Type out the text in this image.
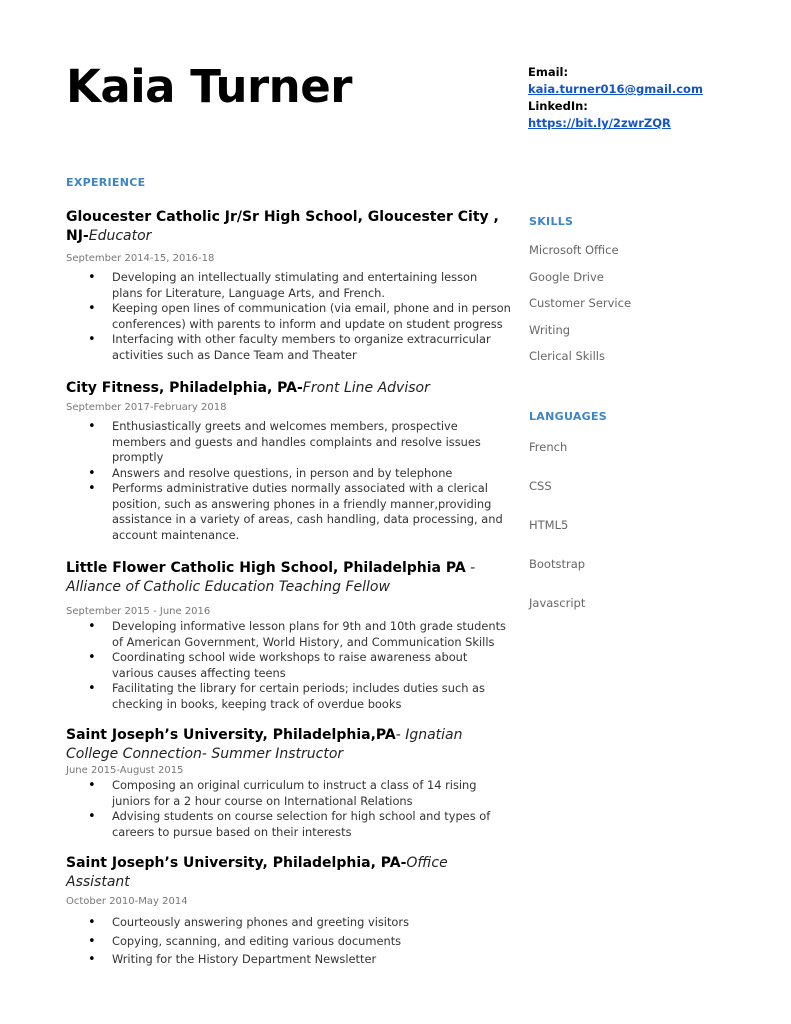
Kaia Turner	Email:
kaia.turner016@gmail.com
LinkedIn:
https://bit.ly/2zwrZQR
EXPERIENCE

Gloucester Catholic Jr/Sr High School, Gloucester City , NJ-Educator

September 2014-15, 2016-18
• Developing an intellectually stimulating and entertaining lesson plans for Literature, Language Arts, and French.
• Keeping open lines of communication (via email, phone and in person conferences) with parents to inform and update on student progress
• Interfacing with other faculty members to organize extracurricular activities such as Dance Team and Theater

City Fitness, Philadelphia, PA-Front Line Advisor

September 2017-February 2018
• Enthusiastically greets and welcomes members, prospective members and guests and handles complaints and resolve issues promptly
• Answers and resolve questions, in person and by telephone
• Performs administrative duties normally associated with a clerical position, such as answering phones in a friendly manner,providing assistance in a variety of areas, cash handling, data processing, and account maintenance.

Little Flower Catholic High School, Philadelphia PA - Alliance of Catholic Education Teaching Fellow

September 2015 - June 2016
• Developing informative lesson plans for 9th and 10th grade students of American Government, World History, and Communication Skills
• Coordinating school wide workshops to raise awareness about various causes affecting teens
• Facilitating the library for certain periods; includes duties such as checking in books, keeping track of overdue books

Saint Joseph’s University, Philadelphia,PA- Ignatian College Connection- Summer Instructor

June 2015-August 2015
• Composing an original curriculum to instruct a class of 14 rising juniors for a 2 hour course on International Relations
• Advising students on course selection for high school and types of careers to pursue based on their interests

Saint Joseph’s University, Philadelphia, PA-Office Assistant

October 2010-May 2014
• Courteously answering phones and greeting visitors
• Copying, scanning, and editing various documents
• Writing for the History Department Newsletter
SKILLS
Microsoft Office
Google Drive
Customer Service
Writing
Clerical Skills
LANGUAGES
French
CSS
HTML5
Bootstrap
Javascript
